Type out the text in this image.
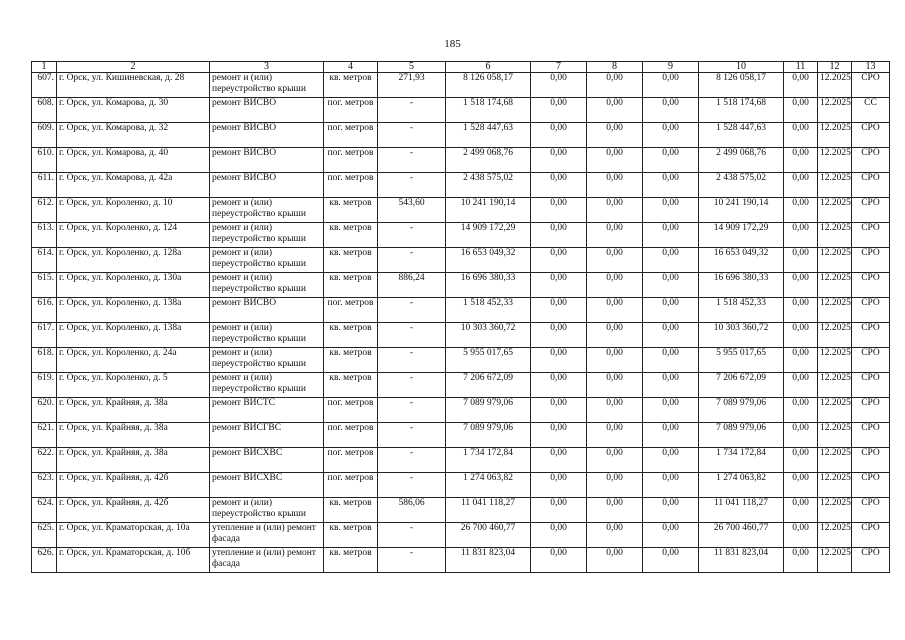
185
1	2	3	4	5	6	7	8	9	10	11	12	13
607.	г. Орск, ул. Кишиневская, д. 28	ремонт и (или) переустройство крыши	кв. метров	271,93	8 126 058,17	0,00	0,00	0,00	8 126 058,17	0,00	12.2025	СРО
608.	г. Орск, ул. Комарова, д. 30	ремонт ВИСВО	пог. метров	-	1 518 174,68	0,00	0,00	0,00	1 518 174,68	0,00	12.2025	СС
609.	г. Орск, ул. Комарова, д. 32	ремонт ВИСВО	пог. метров	-	1 528 447,63	0,00	0,00	0,00	1 528 447,63	0,00	12.2025	СРО
610.	г. Орск, ул. Комарова, д. 40	ремонт ВИСВО	пог. метров	-	2 499 068,76	0,00	0,00	0,00	2 499 068,76	0,00	12.2025	СРО
611.	г. Орск, ул. Комарова, д. 42а	ремонт ВИСВО	пог. метров	-	2 438 575,02	0,00	0,00	0,00	2 438 575,02	0,00	12.2025	СРО
612.	г. Орск, ул. Короленко, д. 10	ремонт и (или) переустройство крыши	кв. метров	543,60	10 241 190,14	0,00	0,00	0,00	10 241 190,14	0,00	12.2025	СРО
613.	г. Орск, ул. Короленко, д. 124	ремонт и (или) переустройство крыши	кв. метров	-	14 909 172,29	0,00	0,00	0,00	14 909 172,29	0,00	12.2025	СРО
614.	г. Орск, ул. Короленко, д. 128а	ремонт и (или) переустройство крыши	кв. метров	-	16 653 049,32	0,00	0,00	0,00	16 653 049,32	0,00	12.2025	СРО
615.	г. Орск, ул. Короленко, д. 130а	ремонт и (или) переустройство крыши	кв. метров	886,24	16 696 380,33	0,00	0,00	0,00	16 696 380,33	0,00	12.2025	СРО
616.	г. Орск, ул. Короленко, д. 138а	ремонт ВИСВО	пог. метров	-	1 518 452,33	0,00	0,00	0,00	1 518 452,33	0,00	12.2025	СРО
617.	г. Орск, ул. Короленко, д. 138а	ремонт и (или) переустройство крыши	кв. метров	-	10 303 360,72	0,00	0,00	0,00	10 303 360,72	0,00	12.2025	СРО
618.	г. Орск, ул. Короленко, д. 24а	ремонт и (или) переустройство крыши	кв. метров	-	5 955 017,65	0,00	0,00	0,00	5 955 017,65	0,00	12.2025	СРО
619.	г. Орск, ул. Короленко, д. 5	ремонт и (или) переустройство крыши	кв. метров	-	7 206 672,09	0,00	0,00	0,00	7 206 672,09	0,00	12.2025	СРО
620.	г. Орск, ул. Крайняя, д. 38а	ремонт ВИСТС	пог. метров	-	7 089 979,06	0,00	0,00	0,00	7 089 979,06	0,00	12.2025	СРО
621.	г. Орск, ул. Крайняя, д. 38а	ремонт ВИСГВС	пог. метров	-	7 089 979,06	0,00	0,00	0,00	7 089 979,06	0,00	12.2025	СРО
622.	г. Орск, ул. Крайняя, д. 38а	ремонт ВИСХВС	пог. метров	-	1 734 172,84	0,00	0,00	0,00	1 734 172,84	0,00	12.2025	СРО
623.	г. Орск, ул. Крайняя, д. 42б	ремонт ВИСХВС	пог. метров	-	1 274 063,82	0,00	0,00	0,00	1 274 063,82	0,00	12.2025	СРО
624.	г. Орск, ул. Крайняя, д. 42б	ремонт и (или) переустройство крыши	кв. метров	586,06	11 041 118,27	0,00	0,00	0,00	11 041 118,27	0,00	12.2025	СРО
625.	г. Орск, ул. Краматорская, д. 10а	утепление и (или) ремонт фасада	кв. метров	-	26 700 460,77	0,00	0,00	0,00	26 700 460,77	0,00	12.2025	СРО
626.	г. Орск, ул. Краматорская, д. 10б	утепление и (или) ремонт фасада	кв. метров	-	11 831 823,04	0,00	0,00	0,00	11 831 823,04	0,00	12.2025	СРО
